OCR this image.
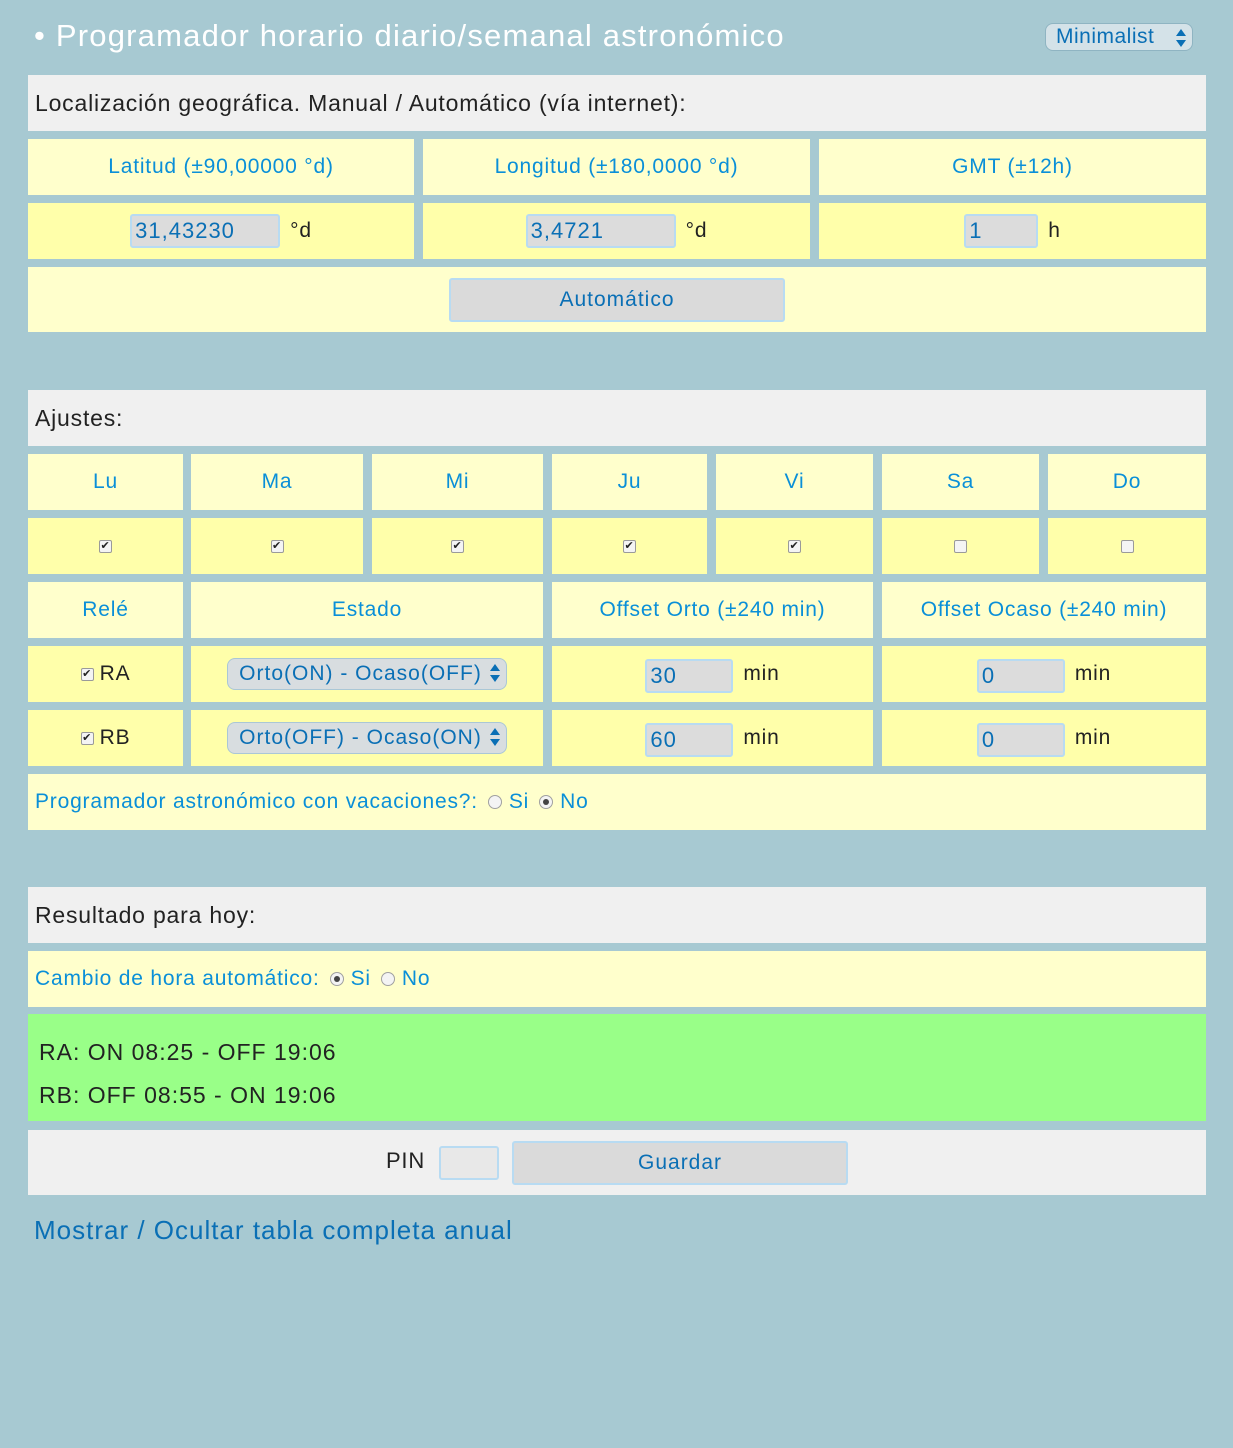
• Programador horario diario/semanal astronómico	Minimalist
Localización geográfica. Manual / Automático (vía internet):
Latitud (±90,00000 °d)	Longitud (±180,0000 °d)	GMT (±12h)
31,43230	°d	3,4721	°d	1	h
Automático
Ajustes:
Lu	Ma	Mi	Ju	Vi	Sa	Do
✔	✔	✔	✔	✔
Relé	Estado	Offset Orto (±240 min)	Offset Ocaso (±240 min)
✔ RA	Orto(ON) - Ocaso(OFF)	30	min	0	min
✔ RB	Orto(OFF) - Ocaso(ON)	60	min	0	min
Programador astronómico con vacaciones?: Si No
Resultado para hoy:
Cambio de hora automático: Si No
RA: ON 08:25 - OFF 19:06
RB: OFF 08:55 - ON 19:06
PIN	Guardar
Mostrar / Ocultar tabla completa anual
